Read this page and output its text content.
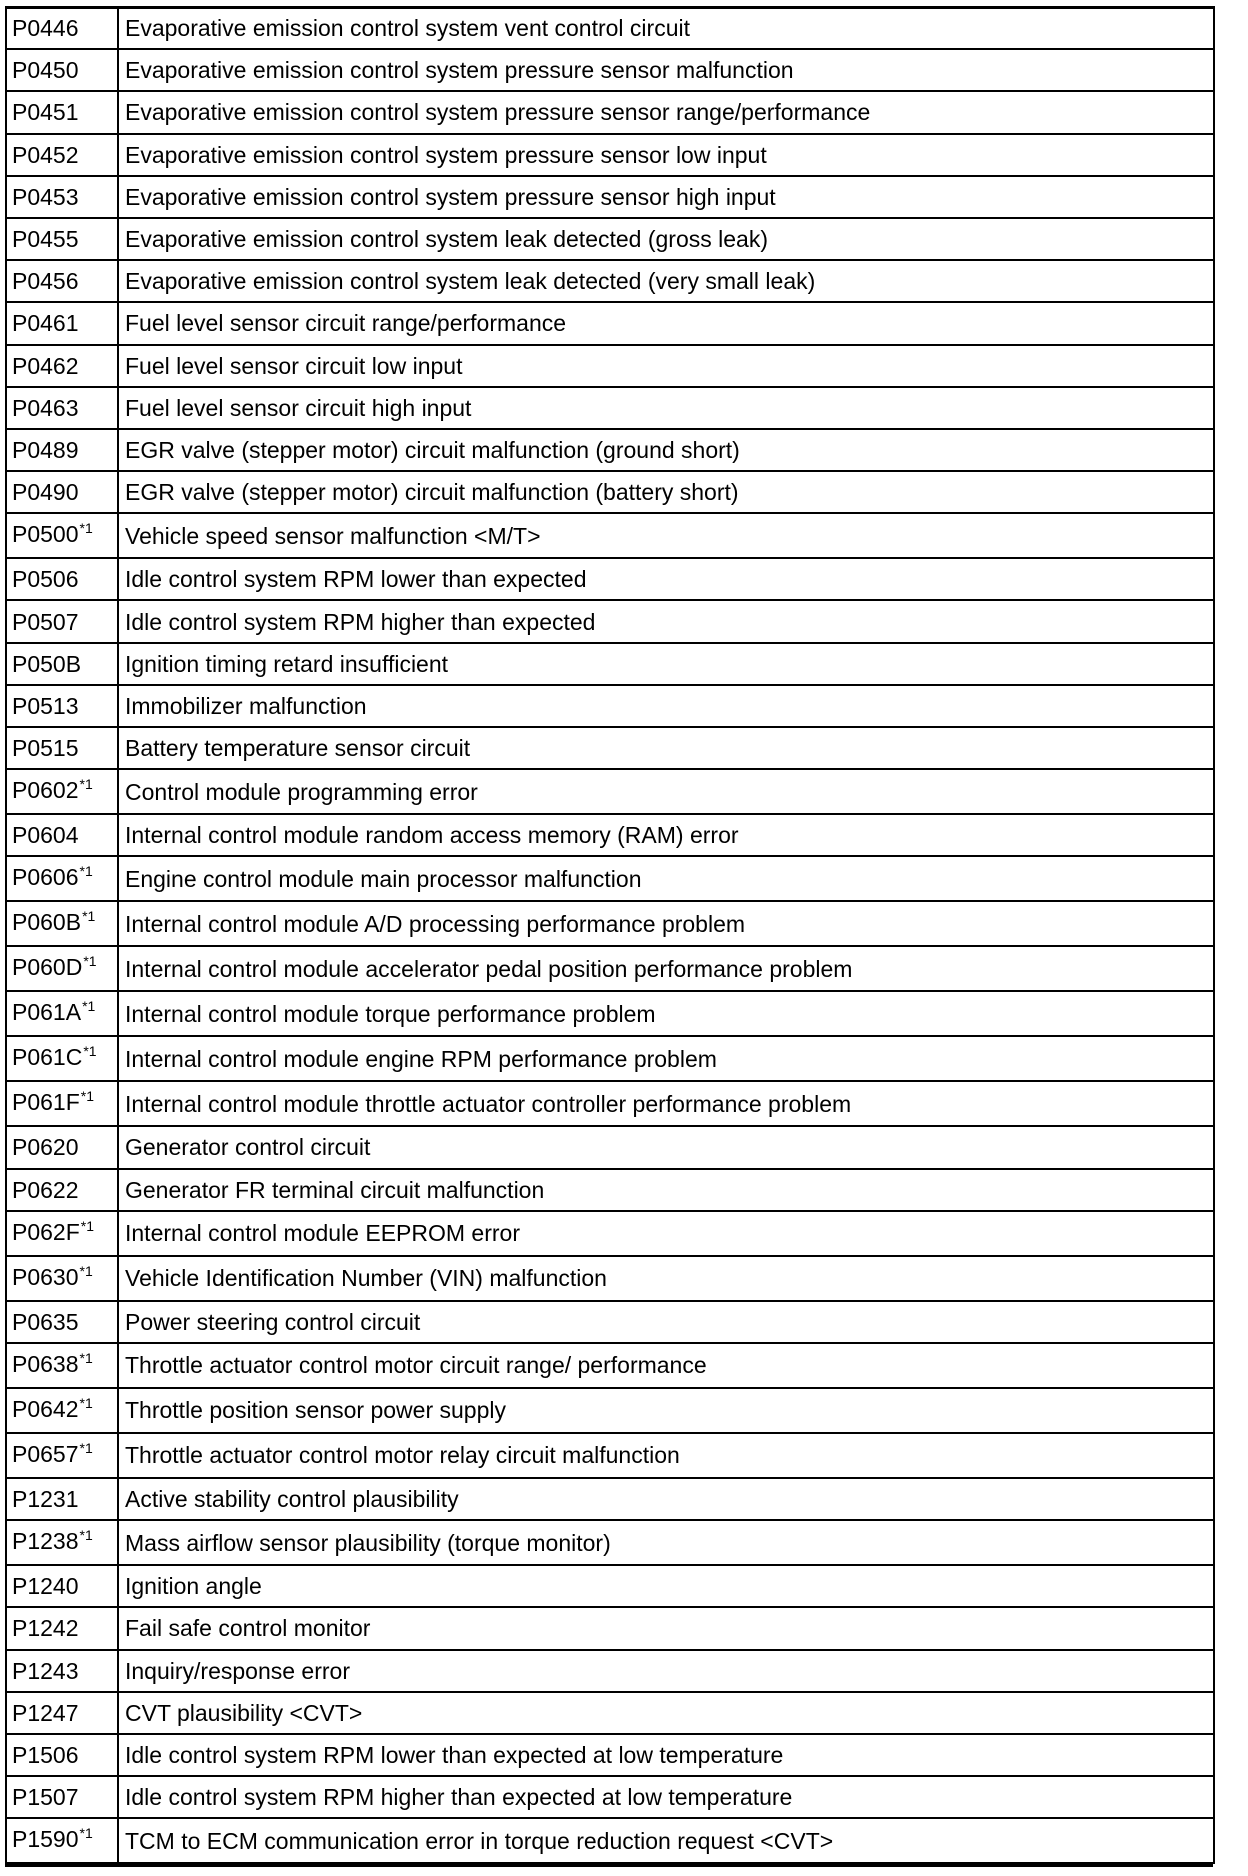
P0446	Evaporative emission control system vent control circuit
P0450	Evaporative emission control system pressure sensor malfunction
P0451	Evaporative emission control system pressure sensor range/performance
P0452	Evaporative emission control system pressure sensor low input
P0453	Evaporative emission control system pressure sensor high input
P0455	Evaporative emission control system leak detected (gross leak)
P0456	Evaporative emission control system leak detected (very small leak)
P0461	Fuel level sensor circuit range/performance
P0462	Fuel level sensor circuit low input
P0463	Fuel level sensor circuit high input
P0489	EGR valve (stepper motor) circuit malfunction (ground short)
P0490	EGR valve (stepper motor) circuit malfunction (battery short)
P0500$^{*1}$	Vehicle speed sensor malfunction <M/T>
P0506	Idle control system RPM lower than expected
P0507	Idle control system RPM higher than expected
P050B	Ignition timing retard insufficient
P0513	Immobilizer malfunction
P0515	Battery temperature sensor circuit
P0602$^{*1}$	Control module programming error
P0604	Internal control module random access memory (RAM) error
P0606$^{*1}$	Engine control module main processor malfunction
P060B$^{*1}$	Internal control module A/D processing performance problem
P060D$^{*1}$	Internal control module accelerator pedal position performance problem
P061A$^{*1}$	Internal control module torque performance problem
P061C$^{*1}$	Internal control module engine RPM performance problem
P061F$^{*1}$	Internal control module throttle actuator controller performance problem
P0620	Generator control circuit
P0622	Generator FR terminal circuit malfunction
P062F$^{*1}$	Internal control module EEPROM error
P0630$^{*1}$	Vehicle Identification Number (VIN) malfunction
P0635	Power steering control circuit
P0638$^{*1}$	Throttle actuator control motor circuit range/ performance
P0642$^{*1}$	Throttle position sensor power supply
P0657$^{*1}$	Throttle actuator control motor relay circuit malfunction
P1231	Active stability control plausibility
P1238$^{*1}$	Mass airflow sensor plausibility (torque monitor)
P1240	Ignition angle
P1242	Fail safe control monitor
P1243	Inquiry/response error
P1247	CVT plausibility <CVT>
P1506	Idle control system RPM lower than expected at low temperature
P1507	Idle control system RPM higher than expected at low temperature
P1590$^{*1}$	TCM to ECM communication error in torque reduction request <CVT>
